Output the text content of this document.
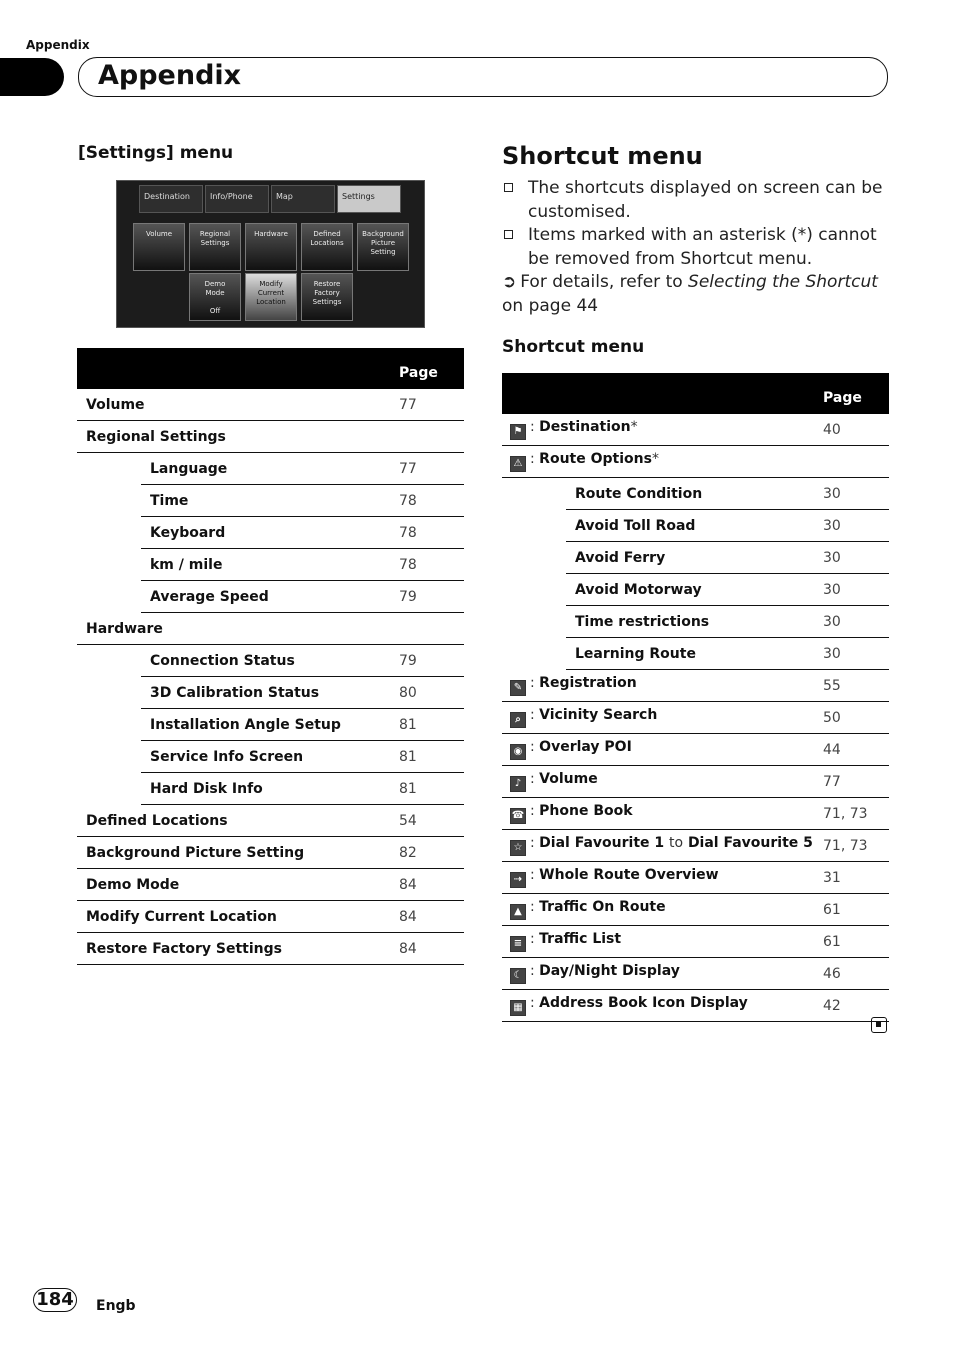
Appendix
Appendix
[Settings] menu
Destination	Info/Phone	Map	Settings
Volume	Regional
Settings
Hardware	Defined
Locations
Background
Picture
Setting
Demo
Mode

Off
Modify
Current
Location
Restore
Factory
Settings
		Page
Volume		77
Regional Settings		
	Language	77
	Time	78
	Keyboard	78
	km / mile	78
	Average Speed	79
Hardware		
	Connection Status	79
	3D Calibration Status	80
	Installation Angle Setup	81
	Service Info Screen	81
	Hard Disk Info	81
Defined Locations		54
Background Picture Setting		82
Demo Mode		84
Modify Current Location		84
Restore Factory Settings		84
Shortcut menu
The shortcuts displayed on screen can be customised.
Items marked with an asterisk (*) cannot be removed from Shortcut menu.
➲ For details, refer to Selecting the Shortcut on page 44
Shortcut menu
		Page
⚑ : Destination*		40
⚠ : Route Options*		
	Route Condition	30
	Avoid Toll Road	30
	Avoid Ferry	30
	Avoid Motorway	30
	Time restrictions	30
	Learning Route	30
✎ : Registration		55
⌕ : Vicinity Search		50
◉ : Overlay POI		44
♪ : Volume		77
☎ : Phone Book		71, 73
☆ : Dial Favourite 1 to Dial Favourite 5		71, 73
⇢ : Whole Route Overview		31
▲ : Traffic On Route		61
≡ : Traffic List		61
☾ : Day/Night Display		46
▦ : Address Book Icon Display		42
184 Engb
